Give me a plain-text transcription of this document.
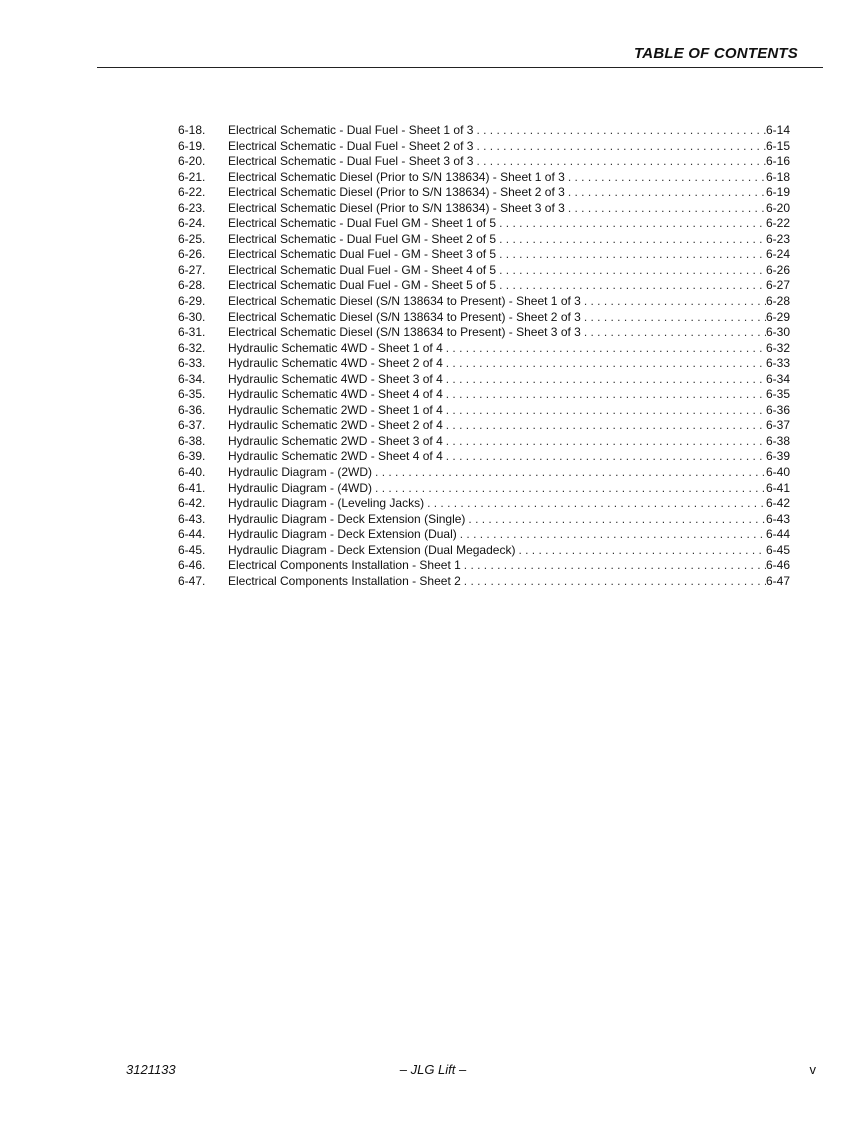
TABLE OF CONTENTS
6-18.	Electrical Schematic - Dual Fuel - Sheet 1 of 3 . . .	6-14
6-19.	Electrical Schematic - Dual Fuel - Sheet 2 of 3 . . .	6-15
6-20.	Electrical Schematic - Dual Fuel - Sheet 3 of 3 . . .	6-16
6-21.	Electrical Schematic Diesel (Prior to S/N 138634) - Sheet 1 of 3 . . .	6-18
6-22.	Electrical Schematic Diesel (Prior to S/N 138634) - Sheet 2 of 3 . . .	6-19
6-23.	Electrical Schematic Diesel (Prior to S/N 138634) - Sheet 3 of 3 . . .	6-20
6-24.	Electrical Schematic - Dual Fuel GM - Sheet 1 of 5 . . .	6-22
6-25.	Electrical Schematic - Dual Fuel GM - Sheet 2 of 5 . . .	6-23
6-26.	Electrical Schematic Dual Fuel - GM - Sheet 3 of 5 . . .	6-24
6-27.	Electrical Schematic Dual Fuel - GM - Sheet 4 of 5 . . .	6-26
6-28.	Electrical Schematic Dual Fuel - GM - Sheet 5 of 5 . . .	6-27
6-29.	Electrical Schematic Diesel (S/N 138634 to Present) - Sheet 1 of 3 . . .	6-28
6-30.	Electrical Schematic Diesel (S/N 138634 to Present) - Sheet 2 of 3 . . .	6-29
6-31.	Electrical Schematic Diesel (S/N 138634 to Present) - Sheet 3 of 3 . . .	6-30
6-32.	Hydraulic Schematic 4WD - Sheet 1 of 4 . . .	6-32
6-33.	Hydraulic Schematic 4WD - Sheet 2 of 4 . . .	6-33
6-34.	Hydraulic Schematic 4WD - Sheet 3 of 4 . . .	6-34
6-35.	Hydraulic Schematic 4WD - Sheet 4 of 4 . . .	6-35
6-36.	Hydraulic Schematic 2WD - Sheet 1 of 4 . . .	6-36
6-37.	Hydraulic Schematic 2WD - Sheet 2 of 4 . . .	6-37
6-38.	Hydraulic Schematic 2WD - Sheet 3 of 4 . . .	6-38
6-39.	Hydraulic Schematic 2WD - Sheet 4 of 4 . . .	6-39
6-40.	Hydraulic Diagram - (2WD) . . .	6-40
6-41.	Hydraulic Diagram - (4WD) . . .	6-41
6-42.	Hydraulic Diagram - (Leveling Jacks) . . .	6-42
6-43.	Hydraulic Diagram - Deck Extension (Single) . . .	6-43
6-44.	Hydraulic Diagram - Deck Extension (Dual) . . .	6-44
6-45.	Hydraulic Diagram - Deck Extension (Dual Megadeck) . . .	6-45
6-46.	Electrical Components Installation - Sheet 1 . . .	6-46
6-47.	Electrical Components Installation - Sheet 2 . . .	6-47
3121133	– JLG Lift –	v
